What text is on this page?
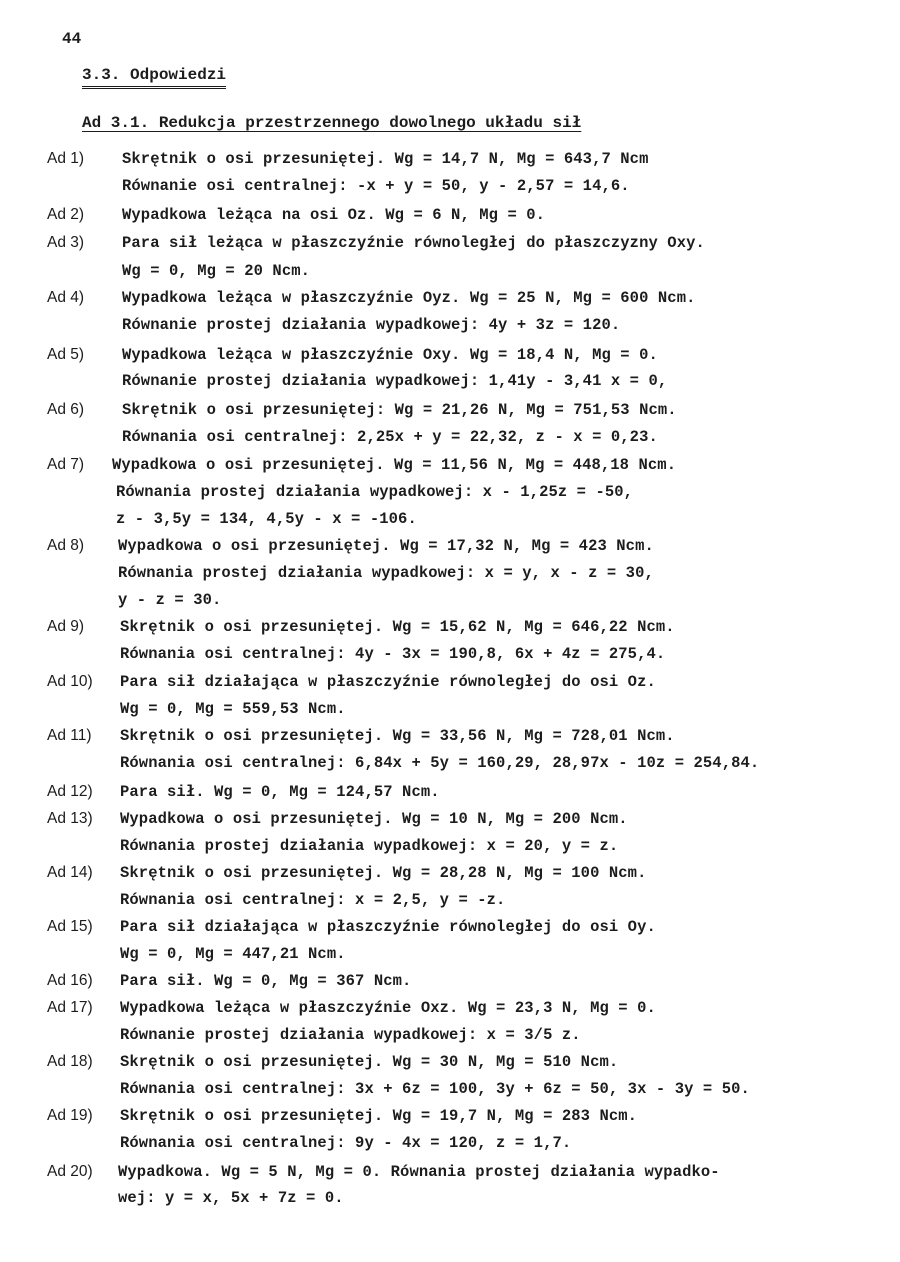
44
3.3. Odpowiedzi
Ad 3.1. Redukcja przestrzennego dowolnego układu sił
Ad 1) Skrętnik o osi przesuniętej. Wg = 14,7 N, Mg = 643,7 Ncm
Równanie osi centralnej: -x + y = 50, y - 2,57 = 14,6.
Ad 2) Wypadkowa leżąca na osi Oz. Wg = 6 N, Mg = 0.
Ad 3) Para sił leżąca w płaszczyźnie równoległej do płaszczyzny Oxy.
Wg = 0, Mg = 20 Ncm.
Ad 4) Wypadkowa leżąca w płaszczyźnie Oyz. Wg = 25 N, Mg = 600 Ncm.
Równanie prostej działania wypadkowej: 4y + 3z = 120.
Ad 5) Wypadkowa leżąca w płaszczyźnie Oxy. Wg = 18,4 N, Mg = 0.
Równanie prostej działania wypadkowej: 1,41y - 3,41 x = 0,
Ad 6) Skrętnik o osi przesuniętej: Wg = 21,26 N, Mg = 751,53 Ncm.
Równania osi centralnej: 2,25x + y = 22,32, z - x = 0,23.
Ad 7) Wypadkowa o osi przesuniętej. Wg = 11,56 N, Mg = 448,18 Ncm.
Równania prostej działania wypadkowej: x - 1,25z = -50,
z - 3,5y = 134, 4,5y - x = -106.
Ad 8) Wypadkowa o osi przesuniętej. Wg = 17,32 N, Mg = 423 Ncm.
Równania prostej działania wypadkowej: x = y, x - z = 30,
y - z = 30.
Ad 9) Skrętnik o osi przesuniętej. Wg = 15,62 N, Mg = 646,22 Ncm.
Równania osi centralnej: 4y - 3x = 190,8, 6x + 4z = 275,4.
Ad 10) Para sił działająca w płaszczyźnie równoległej do osi Oz.
Wg = 0, Mg = 559,53 Ncm.
Ad 11) Skrętnik o osi przesuniętej. Wg = 33,56 N, Mg = 728,01 Ncm.
Równania osi centralnej: 6,84x + 5y = 160,29, 28,97x - 10z = 254,84.
Ad 12) Para sił. Wg = 0, Mg = 124,57 Ncm.
Ad 13) Wypadkowa o osi przesuniętej. Wg = 10 N, Mg = 200 Ncm.
Równania prostej działania wypadkowej: x = 20, y = z.
Ad 14) Skrętnik o osi przesuniętej. Wg = 28,28 N, Mg = 100 Ncm.
Równania osi centralnej: x = 2,5, y = -z.
Ad 15) Para sił działająca w płaszczyźnie równoległej do osi Oy.
Wg = 0, Mg = 447,21 Ncm.
Ad 16) Para sił. Wg = 0, Mg = 367 Ncm.
Ad 17) Wypadkowa leżąca w płaszczyźnie Oxz. Wg = 23,3 N, Mg = 0.
Równanie prostej działania wypadkowej: x = 3/5 z.
Ad 18) Skrętnik o osi przesuniętej. Wg = 30 N, Mg = 510 Ncm.
Równania osi centralnej: 3x + 6z = 100, 3y + 6z = 50, 3x - 3y = 50.
Ad 19) Skrętnik o osi przesuniętej. Wg = 19,7 N, Mg = 283 Ncm.
Równania osi centralnej: 9y - 4x = 120, z = 1,7.
Ad 20) Wypadkowa. Wg = 5 N, Mg = 0. Równania prostej działania wypadko-
wej: y = x, 5x + 7z = 0.
